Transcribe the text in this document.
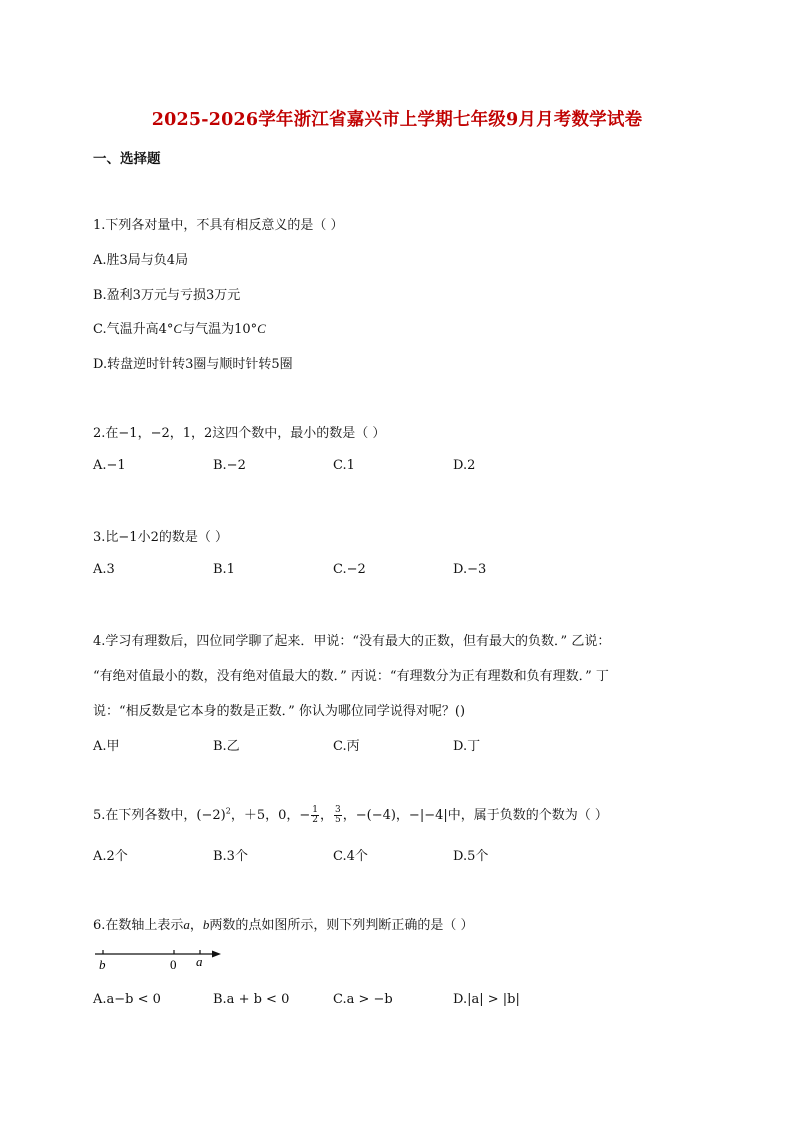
2025-2026学年浙江省嘉兴市上学期七年级9月月考数学试卷
一、选择题
1.下列各对量中，不具有相反意义的是（ ）
A.胜3局与负4局
B.盈利3万元与亏损3万元
C.气温升高4°C与气温为10°C
D.转盘逆时针转3圈与顺时针转5圈
2.在−1，−2，1，2这四个数中，最小的数是（ ）
A.−1	B.−2	C.1	D.2
3.比−1小2的数是（ ）
A.3	B.1	C.−2	D.−3
4.学习有理数后，四位同学聊了起来．甲说：“没有最大的正数，但有最大的负数．” 乙说：
“有绝对值最小的数，没有绝对值最大的数．” 丙说：“有理数分为正有理数和负有理数．” 丁
说：“相反数是它本身的数是正数．” 你认为哪位同学说得对呢？()
A.甲	B.乙	C.丙	D.丁
5.在下列各数中，$(-2)^2$，＋5，0，− $\frac{1}{2}$ ， $\frac{3}{5}$ ，−(−4)，−|−4|中，属于负数的个数为（ ）
A.2个	B.3个	C.4个	D.5个
6.在数轴上表示a，b两数的点如图所示，则下列判断正确的是（ ）
b	0 a
A.a−b < 0	B.a + b < 0	C.a > −b	D.|a| > |b|
